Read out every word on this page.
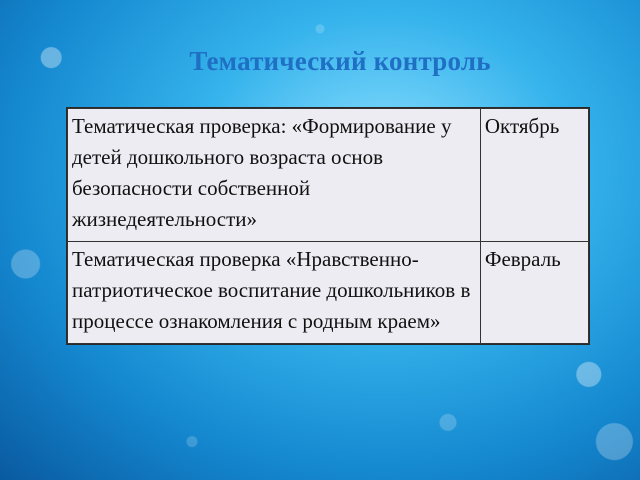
Тематический контроль
Тематическая проверка: «Формирование у детей дошкольного возраста основ безопасности собственной жизнедеятельности»	Октябрь
Тематическая проверка «Нравственно-патриотическое воспитание дошкольников в процессе ознакомления с родным краем»	Февраль
